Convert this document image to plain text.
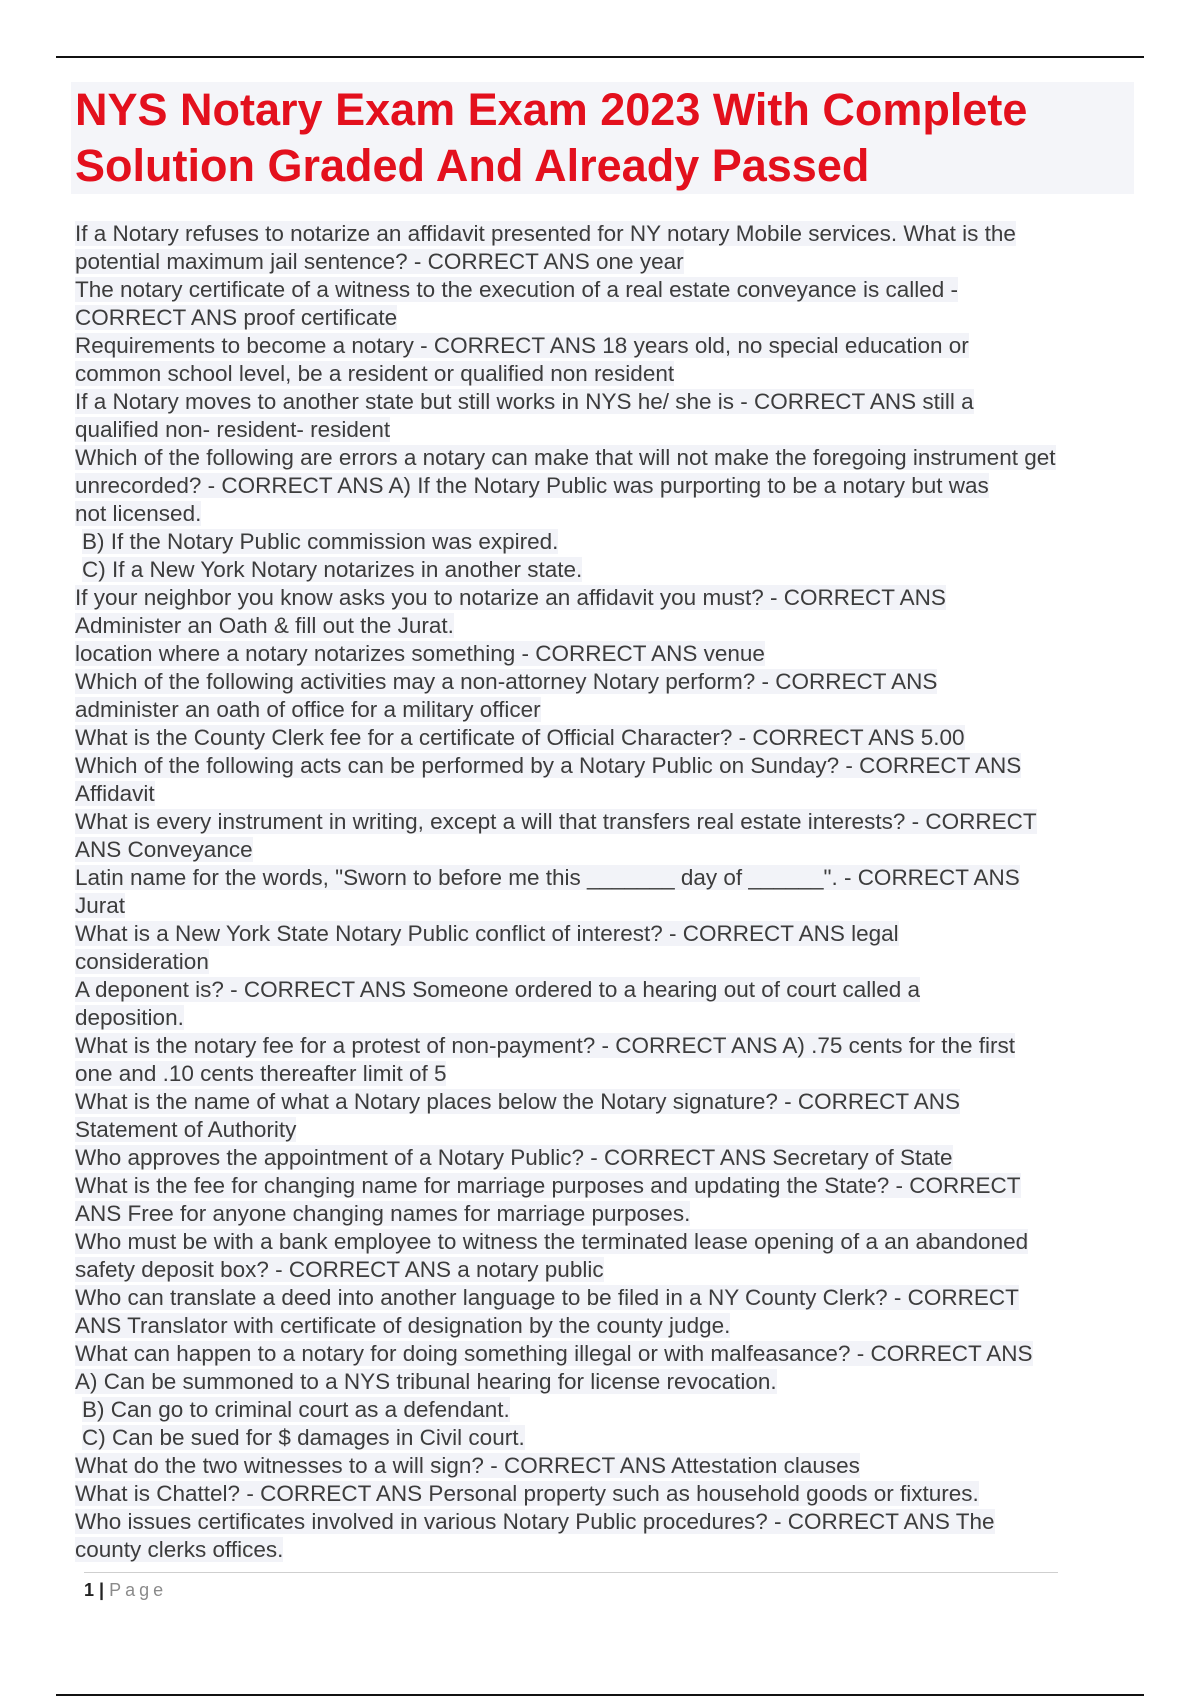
NYS Notary Exam Exam 2023 With Complete Solution Graded And Already Passed

If a Notary refuses to notarize an affidavit presented for NY notary Mobile services. What is the

potential maximum jail sentence? - CORRECT ANS one year

The notary certificate of a witness to the execution of a real estate conveyance is called -

CORRECT ANS proof certificate

Requirements to become a notary - CORRECT ANS 18 years old, no special education or

common school level, be a resident or qualified non resident

If a Notary moves to another state but still works in NYS he/ she is - CORRECT ANS still a

qualified non- resident- resident

Which of the following are errors a notary can make that will not make the foregoing instrument get

unrecorded? - CORRECT ANS A) If the Notary Public was purporting to be a notary but was

not licensed.

B) If the Notary Public commission was expired.

C) If a New York Notary notarizes in another state.

If your neighbor you know asks you to notarize an affidavit you must? - CORRECT ANS

Administer an Oath & fill out the Jurat.

location where a notary notarizes something - CORRECT ANS venue

Which of the following activities may a non-attorney Notary perform? - CORRECT ANS

administer an oath of office for a military officer

What is the County Clerk fee for a certificate of Official Character? - CORRECT ANS 5.00

Which of the following acts can be performed by a Notary Public on Sunday? - CORRECT ANS

Affidavit

What is every instrument in writing, except a will that transfers real estate interests? - CORRECT

ANS Conveyance

Latin name for the words, "Sworn to before me this _______ day of ______". - CORRECT ANS

Jurat

What is a New York State Notary Public conflict of interest? - CORRECT ANS legal

consideration

A deponent is? - CORRECT ANS Someone ordered to a hearing out of court called a

deposition.

What is the notary fee for a protest of non-payment? - CORRECT ANS A) .75 cents for the first

one and .10 cents thereafter limit of 5

What is the name of what a Notary places below the Notary signature? - CORRECT ANS

Statement of Authority

Who approves the appointment of a Notary Public? - CORRECT ANS Secretary of State

What is the fee for changing name for marriage purposes and updating the State? - CORRECT

ANS Free for anyone changing names for marriage purposes.

Who must be with a bank employee to witness the terminated lease opening of a an abandoned

safety deposit box? - CORRECT ANS a notary public

Who can translate a deed into another language to be filed in a NY County Clerk? - CORRECT

ANS Translator with certificate of designation by the county judge.

What can happen to a notary for doing something illegal or with malfeasance? - CORRECT ANS

A) Can be summoned to a NYS tribunal hearing for license revocation.

B) Can go to criminal court as a defendant.

C) Can be sued for $ damages in Civil court.

What do the two witnesses to a will sign? - CORRECT ANS Attestation clauses

What is Chattel? - CORRECT ANS Personal property such as household goods or fixtures.

Who issues certificates involved in various Notary Public procedures? - CORRECT ANS The

county clerks offices.

1 | Page
